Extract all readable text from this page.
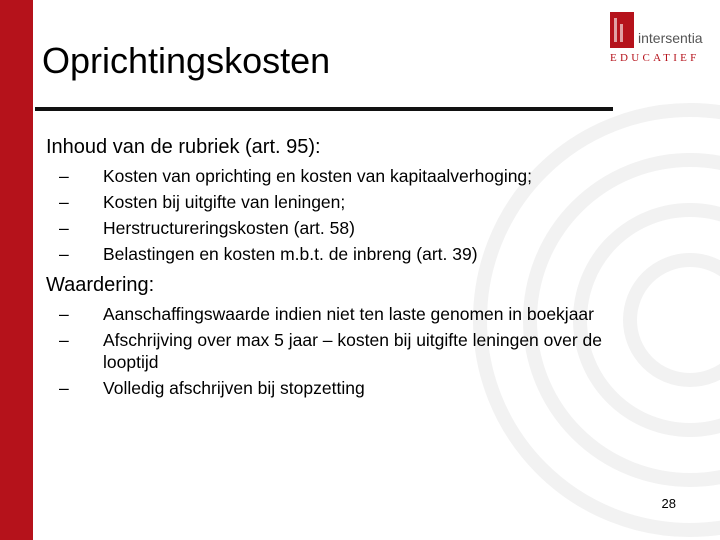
intersentia
EDUCATIEF
Oprichtingskosten
Inhoud van de rubriek (art. 95):
– Kosten van oprichting en kosten van kapitaalverhoging;
– Kosten bij uitgifte van leningen;
– Herstructureringskosten (art. 58)
– Belastingen en kosten m.b.t. de inbreng (art. 39)
Waardering:
– Aanschaffingswaarde indien niet ten laste genomen in boekjaar
– Afschrijving over max 5 jaar – kosten bij uitgifte leningen over de looptijd
– Volledig afschrijven bij stopzetting
28
